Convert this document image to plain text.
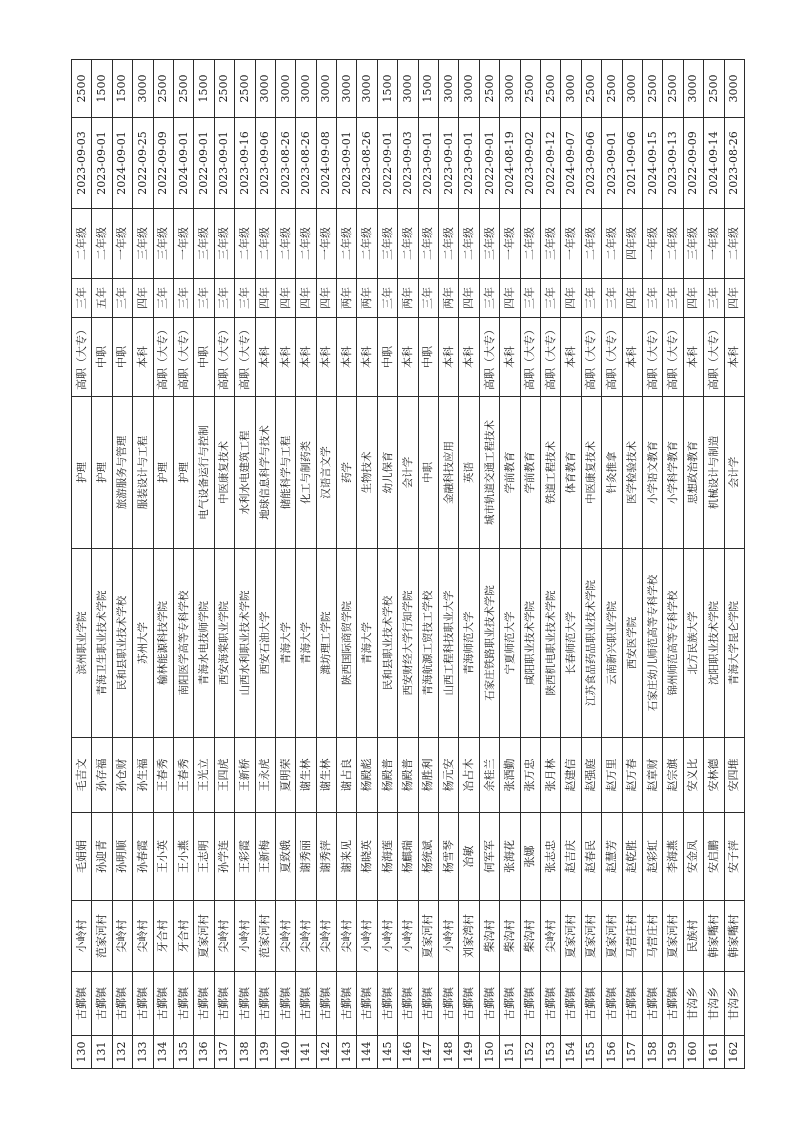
130	古鄞镇	小岭村	毛娟娟	毛吉文	滨州职业学院	护理	高职（大专）	三年	二年级	2023-09-03	2500
131	古鄞镇	范家河村	孙迎青	孙存福	青海卫生职业技术学院	护理	中职	五年	二年级	2023-09-01	1500
132	古鄞镇	尖岭村	孙明顺	孙仓财	民和县职业技术学校	旅游服务与管理	中职	三年	一年级	2024-09-01	1500
133	古鄞镇	尖岭村	孙春霞	孙生福	苏州大学	服装设计与工程	本科	四年	三年级	2022-09-25	3000
134	古鄞镇	牙合村	王小英	王春秀	榆林能源科技学院	护理	高职（大专）	三年	三年级	2022-09-09	2500
135	古鄞镇	牙合村	王小燕	王春秀	南阳医学高等专科学校	护理	高职（大专）	三年	一年级	2024-09-01	2500
136	古鄞镇	夏家河村	王志明	王光立	青海水电技师学院	电气设备运行与控制	中职	三年	三年级	2022-09-01	1500
137	古鄞镇	尖岭村	孙学连	王四虎	西安海棠职业学院	中医康复技术	高职（大专）	三年	三年级	2023-09-01	2500
138	古鄞镇	小岭村	王彩霞	王新桥	山西水利职业技术学院	水利水电建筑工程	高职（大专）	三年	二年级	2023-09-16	2500
139	古鄞镇	范家河村	王新梅	王永虎	西安石油大学	地球信息科学与技术	本科	四年	二年级	2023-09-06	3000
140	古鄞镇	尖岭村	夏致娥	夏明荣	青海大学	储能科学与工程	本科	四年	二年级	2023-08-26	3000
141	古鄞镇	尖岭村	谢秀丽	谢生林	青海大学	化工与制药类	本科	四年	二年级	2023-08-26	3000
142	古鄞镇	尖岭村	谢秀萍	谢生林	潍坊理工学院	汉语言文学	本科	四年	一年级	2024-09-08	3000
143	古鄞镇	尖岭村	谢来见	谢占良	陕西国际商贸学院	药学	本科	两年	二年级	2023-09-01	3000
144	古鄞镇	小岭村	杨晓英	杨殿彪	青海大学	生物技术	本科	两年	二年级	2023-08-26	3000
145	古鄞镇	小岭村	杨海莲	杨殿普	民和县职业技术学校	幼儿保育	中职	三年	三年级	2022-09-01	1500
146	古鄞镇	小岭村	杨麒瑞	杨殿普	西安财经大学行知学院	会计学	本科	两年	二年级	2023-09-03	3000
147	古鄞镇	夏家河村	杨统斌	杨胜利	青海航源工贸技工学校	中职	中职	三年	二年级	2023-09-01	1500
148	古鄞镇	小岭村	杨雪琴	杨元安	山西工程科技职业大学	金融科技应用	本科	两年	二年级	2023-09-01	3000
149	古鄞镇	刘家湾村	冶敏	冶占木	青海师范大学	英语	本科	四年	二年级	2023-09-01	3000
150	古鄞镇	柴沟村	何军军	余桂兰	石家庄铁路职业技术学院	城市轨道交通工程技术	高职（大专）	三年	三年级	2022-09-01	2500
151	古鄞镇	柴沟村	张海花	张酒勤	宁夏师范大学	学前教育	本科	四年	一年级	2024-08-19	3000
152	古鄞镇	柴沟村	张娜	张万忠	咸阳职业技术学院	学前教育	高职（大专）	三年	二年级	2023-09-02	2500
153	古鄞镇	尖岭村	张志忠	张月林	陕西机电职业技术学院	铁道工程技术	高职（大专）	三年	三年级	2022-09-12	2500
154	古鄞镇	夏家河村	赵吉庆	赵建信	长春师范大学	体育教育	本科	四年	一年级	2024-09-07	3000
155	古鄞镇	夏家河村	赵春民	赵强庭	江苏食品药品职业技术学院	中医康复技术	高职（大专）	三年	二年级	2023-09-06	2500
156	古鄞镇	夏家河村	赵慧芳	赵万里	云南新兴职业学院	针灸推拿	高职（大专）	三年	二年级	2023-09-01	2500
157	古鄞镇	马营庄村	赵乾胜	赵万春	西安医学院	医学检验技术	本科	四年	四年级	2021-09-06	3000
158	古鄞镇	马营庄村	赵彩虹	赵章财	石家庄幼儿师范高等专科学校	小学语文教育	高职（大专）	三年	一年级	2024-09-15	2500
159	古鄞镇	夏家河村	李海燕	赵宗旗	锦州师范高等专科学校	小学科学教育	高职（大专）	三年	二年级	2023-09-13	2500
160	甘沟乡	民族村	安金凤	安义比	北方民族大学	思想政治教育	本科	四年	三年级	2022-09-09	3000
161	甘沟乡	韩家嘴村	安启鹏	安林德	沈阳职业技术学院	机械设计与制造	高职（大专）	三年	一年级	2024-09-14	2500
162	甘沟乡	韩家嘴村	安子萍	安四堆	青海大学昆仑学院	会计学	本科	四年	二年级	2023-08-26	3000
